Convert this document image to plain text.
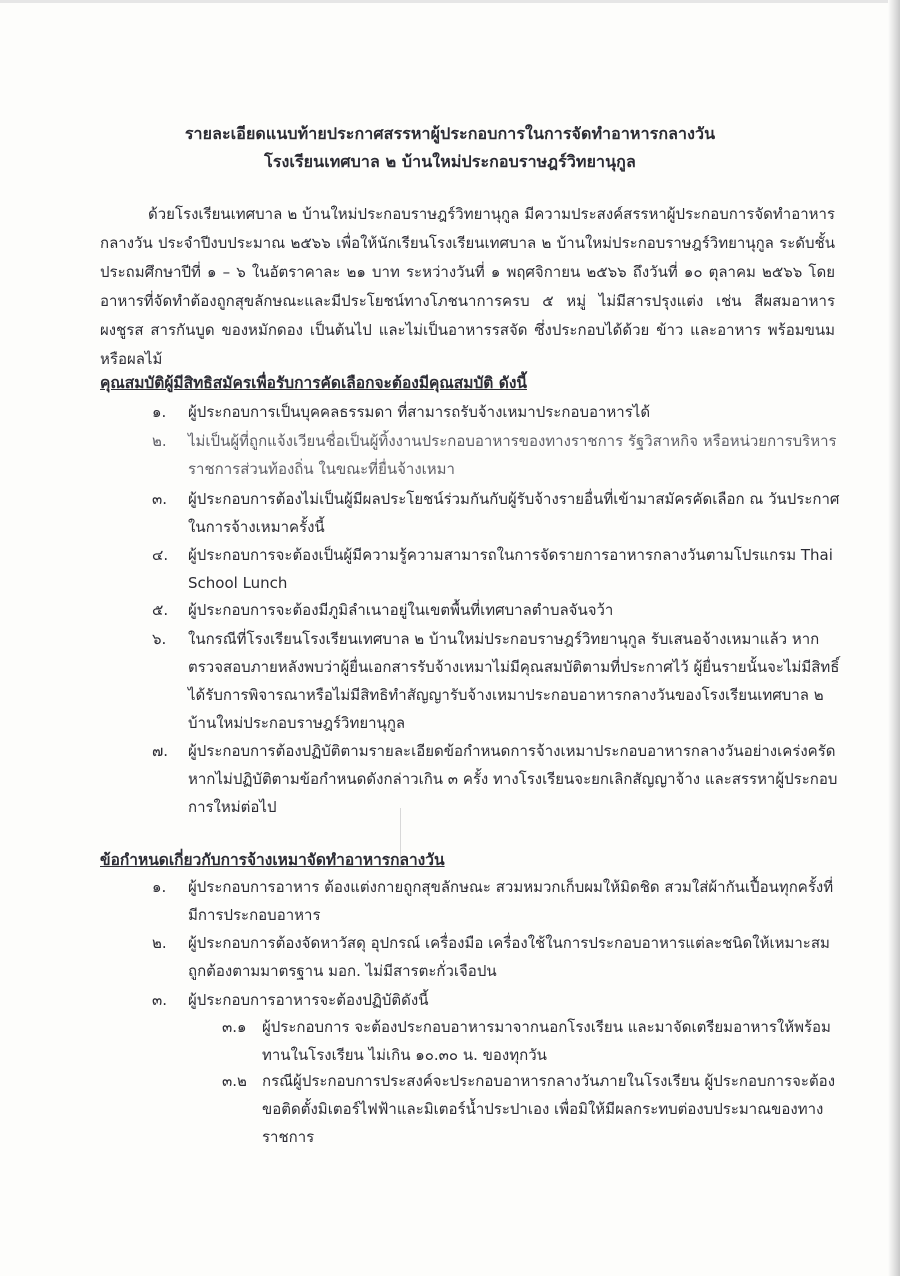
รายละเอียดแนบท้ายประกาศสรรหาผู้ประกอบการในการจัดทำอาหารกลางวัน
โรงเรียนเทศบาล ๒ บ้านใหม่ประกอบราษฎร์วิทยานุกูล
ด้วยโรงเรียนเทศบาล ๒ บ้านใหม่ประกอบราษฎร์วิทยานุกูล มีความประสงค์สรรหาผู้ประกอบการจัดทำอาหารกลางวัน ประจำปีงบประมาณ ๒๕๖๖ เพื่อให้นักเรียนโรงเรียนเทศบาล ๒ บ้านใหม่ประกอบราษฎร์วิทยานุกูล ระดับชั้นประถมศึกษาปีที่ ๑ – ๖ ในอัตราคาละ ๒๑ บาท ระหว่างวันที่ ๑ พฤศจิกายน ๒๕๖๖ ถึงวันที่ ๑๐ ตุลาคม ๒๕๖๖ โดยอาหารที่จัดทำต้องถูกสุขลักษณะและมีประโยชน์ทางโภชนาการครบ ๕ หมู่ ไม่มีสารปรุงแต่ง เช่น สีผสมอาหาร ผงชูรส สารกันบูด ของหมักดอง เป็นต้นไป และไม่เป็นอาหารรสจัด ซึ่งประกอบได้ด้วย ข้าว และอาหาร พร้อมขนมหรือผลไม้
คุณสมบัติผู้มีสิทธิสมัครเพื่อรับการคัดเลือกจะต้องมีคุณสมบัติ ดังนี้
๑.	ผู้ประกอบการเป็นบุคคลธรรมดา ที่สามารถรับจ้างเหมาประกอบอาหารได้
๒.	ไม่เป็นผู้ที่ถูกแจ้งเวียนชื่อเป็นผู้ทิ้งงานประกอบอาหารของทางราชการ รัฐวิสาหกิจ หรือหน่วยการบริหารราชการส่วนท้องถิ่น ในขณะที่ยื่นจ้างเหมา
๓.	ผู้ประกอบการต้องไม่เป็นผู้มีผลประโยชน์ร่วมกันกับผู้รับจ้างรายอื่นที่เข้ามาสมัครคัดเลือก ณ วันประกาศในการจ้างเหมาครั้งนี้
๔.	ผู้ประกอบการจะต้องเป็นผู้มีความรู้ความสามารถในการจัดรายการอาหารกลางวันตามโปรแกรม Thai School Lunch
๕.	ผู้ประกอบการจะต้องมีภูมิลำเนาอยู่ในเขตพื้นที่เทศบาลตำบลจันจว้า
๖.	ในกรณีที่โรงเรียนโรงเรียนเทศบาล ๒ บ้านใหม่ประกอบราษฎร์วิทยานุกูล รับเสนอจ้างเหมาแล้ว หากตรวจสอบภายหลังพบว่าผู้ยื่นเอกสารรับจ้างเหมาไม่มีคุณสมบัติตามที่ประกาศไว้ ผู้ยื่นรายนั้นจะไม่มีสิทธิ์ได้รับการพิจารณาหรือไม่มีสิทธิทำสัญญารับจ้างเหมาประกอบอาหารกลางวันของโรงเรียนเทศบาล ๒ บ้านใหม่ประกอบราษฎร์วิทยานุกูล
๗.	ผู้ประกอบการต้องปฏิบัติตามรายละเอียดข้อกำหนดการจ้างเหมาประกอบอาหารกลางวันอย่างเคร่งครัด หากไม่ปฏิบัติตามข้อกำหนดดังกล่าวเกิน ๓ ครั้ง ทางโรงเรียนจะยกเลิกสัญญาจ้าง และสรรหาผู้ประกอบการใหม่ต่อไป
ข้อกำหนดเกี่ยวกับการจ้างเหมาจัดทำอาหารกลางวัน
๑.	ผู้ประกอบการอาหาร ต้องแต่งกายถูกสุขลักษณะ สวมหมวกเก็บผมให้มิดชิด สวมใส่ผ้ากันเปื้อนทุกครั้งที่มีการประกอบอาหาร
๒.	ผู้ประกอบการต้องจัดหาวัสดุ อุปกรณ์ เครื่องมือ เครื่องใช้ในการประกอบอาหารแต่ละชนิดให้เหมาะสม ถูกต้องตามมาตรฐาน มอก. ไม่มีสารตะกั่วเจือปน
๓.	ผู้ประกอบการอาหารจะต้องปฏิบัติดังนี้
๓.๑	ผู้ประกอบการ จะต้องประกอบอาหารมาจากนอกโรงเรียน และมาจัดเตรียมอาหารให้พร้อมทานในโรงเรียน ไม่เกิน ๑๐.๓๐ น. ของทุกวัน
๓.๒	กรณีผู้ประกอบการประสงค์จะประกอบอาหารกลางวันภายในโรงเรียน ผู้ประกอบการจะต้องขอติดตั้งมิเตอร์ไฟฟ้าและมิเตอร์น้ำประปาเอง เพื่อมิให้มีผลกระทบต่องบประมาณของทางราชการ
